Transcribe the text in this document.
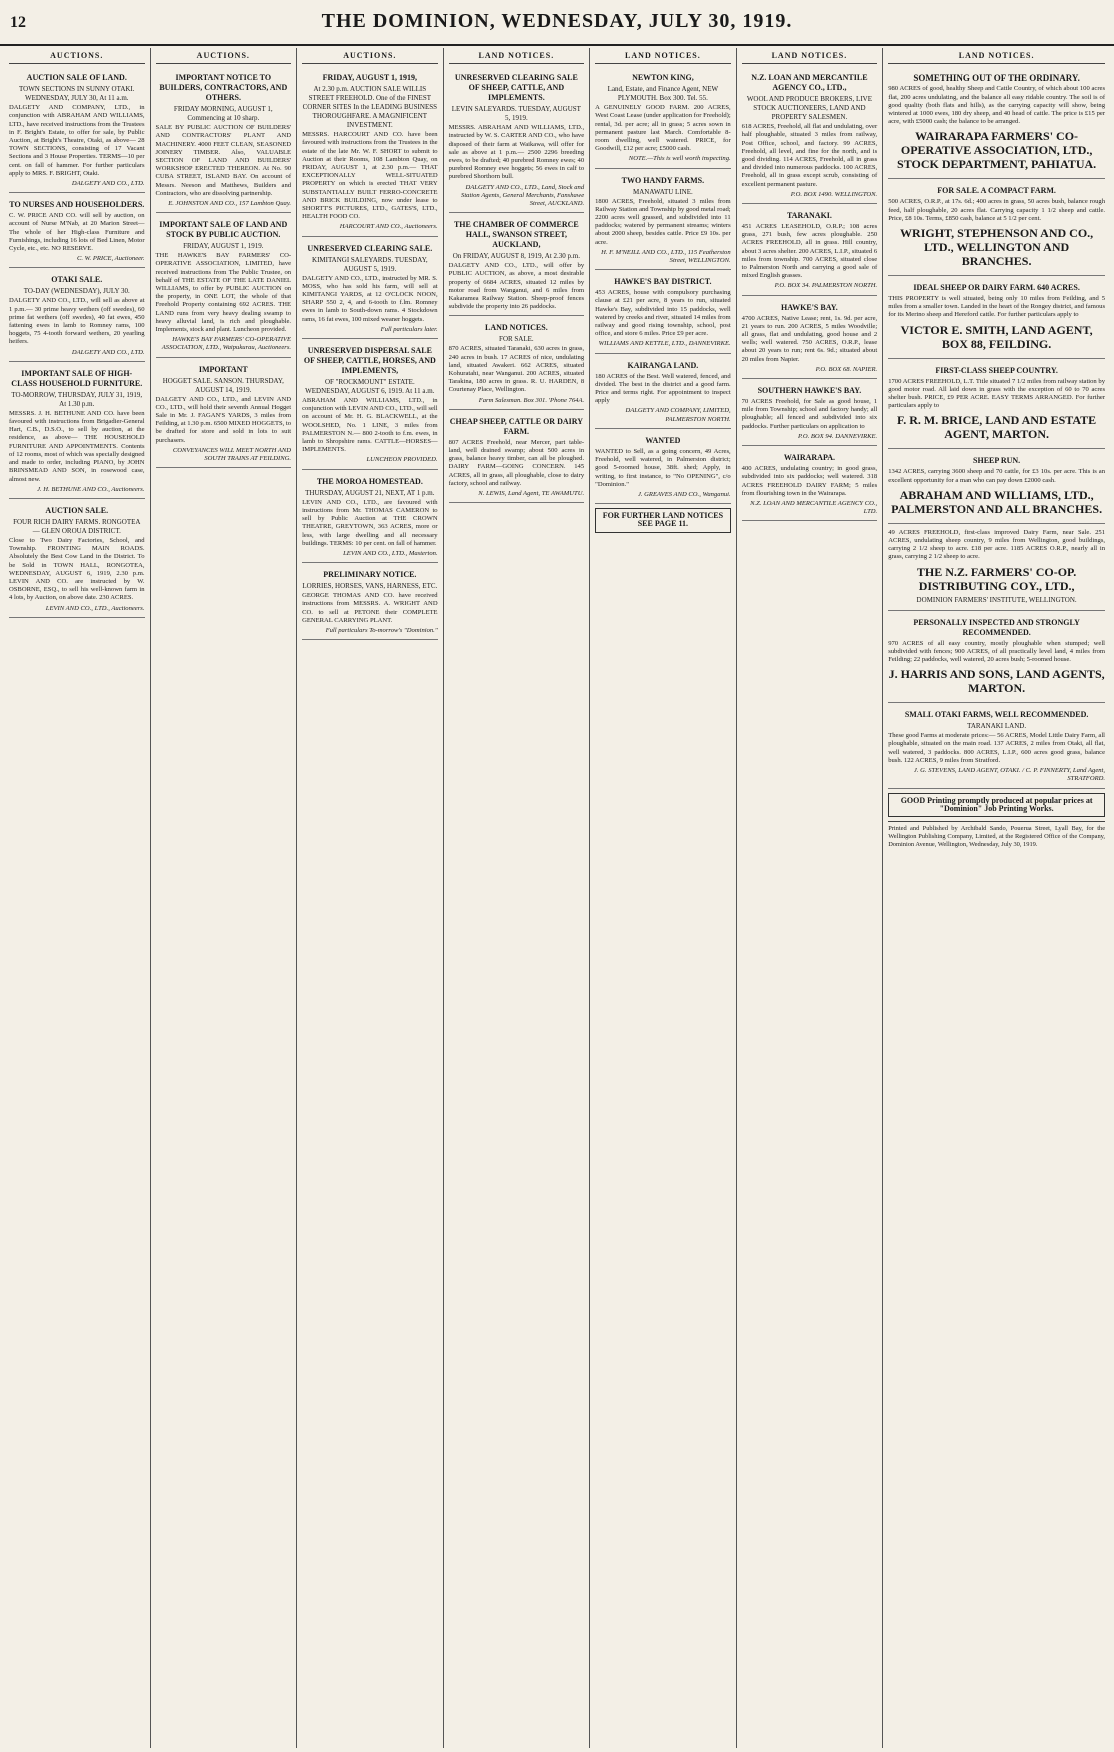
12	THE DOMINION, WEDNESDAY, JULY 30, 1919.
AUCTIONS.
AUCTION SALE OF LAND.
TOWN SECTIONS IN SUNNY OTAKI. WEDNESDAY, JULY 30, At 11 a.m.
DALGETY AND COMPANY, LTD., in conjunction with ABRAHAM AND WILLIAMS, LTD., have received instructions from the Trustees in F. Bright's Estate, to offer for sale, by Public Auction, at Bright's Theatre, Otaki, as above— 28 TOWN SECTIONS, consisting of 17 Vacant Sections and 3 House Properties. TERMS—10 per cent. on fall of hammer. For further particulars apply to MRS. F. BRIGHT, Otaki.
DALGETY AND CO., LTD.
TO NURSES AND HOUSEHOLDERS.
C. W. PRICE AND CO. will sell by auction, on account of Nurse M'Nab, at 20 Marion Street— The whole of her High-class Furniture and Furnishings, including 16 lots of Bed Linen, Motor Cycle, etc., etc. NO RESERVE.
C. W. PRICE, Auctioneer.
OTAKI SALE.
TO-DAY (WEDNESDAY), JULY 30.
DALGETY AND CO., LTD., will sell as above at 1 p.m.— 30 prime heavy wethers (off swedes), 60 prime fat wethers (off swedes), 40 fat ewes, 450 fattening ewes in lamb to Romney rams, 100 hoggets, 75 4-tooth forward wethers, 20 yearling heifers.
DALGETY AND CO., LTD.
IMPORTANT SALE OF HIGH-CLASS HOUSEHOLD FURNITURE.
TO-MORROW, THURSDAY, JULY 31, 1919, At 1.30 p.m.
MESSRS. J. H. BETHUNE AND CO. have been favoured with instructions from Brigadier-General Hart, C.B., D.S.O., to sell by auction, at the residence, as above— THE HOUSEHOLD FURNITURE AND APPOINTMENTS. Contents of 12 rooms, most of which was specially designed and made to order, including PIANO, by JOHN BRINSMEAD AND SON, in rosewood case, almost new.
J. H. BETHUNE AND CO., Auctioneers.
AUCTION SALE.
FOUR RICH DAIRY FARMS. RONGOTEA — GLEN OROUA DISTRICT.
Close to Two Dairy Factories, School, and Township. FRONTING MAIN ROADS. Absolutely the Best Cow Land in the District. To be Sold in TOWN HALL, RONGOTEA, WEDNESDAY, AUGUST 6, 1919, 2.30 p.m. LEVIN AND CO. are instructed by W. OSBORNE, ESQ., to sell his well-known farm in 4 lots, by Auction, on above date. 230 ACRES.
LEVIN AND CO., LTD., Auctioneers.
AUCTIONS.
IMPORTANT NOTICE TO BUILDERS, CONTRACTORS, AND OTHERS.
FRIDAY MORNING, AUGUST 1, Commencing at 10 sharp.
SALE BY PUBLIC AUCTION OF BUILDERS' AND CONTRACTORS' PLANT AND MACHINERY. 4000 FEET CLEAN, SEASONED JOINERY TIMBER. Also, VALUABLE SECTION OF LAND AND BUILDERS' WORKSHOP ERECTED THEREON. At No. 90 CUBA STREET, ISLAND BAY. On account of Messrs. Neeson and Matthews, Builders and Contractors, who are dissolving partnership.
E. JOHNSTON AND CO., 157 Lambton Quay.
IMPORTANT SALE OF LAND AND STOCK BY PUBLIC AUCTION.
FRIDAY, AUGUST 1, 1919.
THE HAWKE'S BAY FARMERS' CO-OPERATIVE ASSOCIATION, LIMITED, have received instructions from The Public Trustee, on behalf of THE ESTATE OF THE LATE DANIEL WILLIAMS, to offer by PUBLIC AUCTION on the property, in ONE LOT, the whole of that Freehold Property containing 692 ACRES. THE LAND runs from very heavy dealing swamp to heavy alluvial land, is rich and ploughable. Implements, stock and plant. Luncheon provided.
HAWKE'S BAY FARMERS' CO-OPERATIVE ASSOCIATION, LTD., Waipukurau, Auctioneers.
IMPORTANT
HOGGET SALE. SANSON. THURSDAY, AUGUST 14, 1919.
DALGETY AND CO., LTD., and LEVIN AND CO., LTD., will hold their seventh Annual Hogget Sale in Mr. J. FAGAN'S YARDS, 3 miles from Feilding, at 1.30 p.m. 6500 MIXED HOGGETS, to be drafted for store and sold in lots to suit purchasers.
CONVEYANCES WILL MEET NORTH AND SOUTH TRAINS AT FEILDING.
AUCTIONS.
FRIDAY, AUGUST 1, 1919,
At 2.30 p.m. AUCTION SALE WILLIS STREET FREEHOLD. One of the FINEST CORNER SITES In the LEADING BUSINESS THOROUGHFARE. A MAGNIFICENT INVESTMENT.
MESSRS. HARCOURT AND CO. have been favoured with instructions from the Trustees in the estate of the late Mr. W. F. SHORT to submit to Auction at their Rooms, 108 Lambton Quay, on FRIDAY, AUGUST 1, at 2.30 p.m.— THAT EXCEPTIONALLY WELL-SITUATED PROPERTY on which is erected THAT VERY SUBSTANTIALLY BUILT FERRO-CONCRETE AND BRICK BUILDING, now under lease to SHORTT'S PICTURES, LTD., GATES'S, LTD., HEALTH FOOD CO.
HARCOURT AND CO., Auctioneers.
UNRESERVED CLEARING SALE.
KIMITANGI SALEYARDS. TUESDAY, AUGUST 5, 1919.
DALGETY AND CO., LTD., instructed by MR. S. MOSS, who has sold his farm, will sell at KIMITANGI YARDS, at 12 O'CLOCK NOON, SHARP 550 2, 4, and 6-tooth to f.lm. Romney ewes in lamb to South-down rams. 4 Stockdown rams, 16 fat ewes, 100 mixed weaner hoggets.
Full particulars later.
UNRESERVED DISPERSAL SALE OF SHEEP, CATTLE, HORSES, AND IMPLEMENTS,
OF "ROCKMOUNT" ESTATE. WEDNESDAY, AUGUST 6, 1919. At 11 a.m.
ABRAHAM AND WILLIAMS, LTD., in conjunction with LEVIN AND CO., LTD., will sell on account of Mr. H. G. BLACKWELL, at the WOOLSHED, No. 1 LINE, 3 miles from PALMERSTON N.— 800 2-tooth to f.m. ewes, in lamb to Shropshire rams. CATTLE—HORSES—IMPLEMENTS.
LUNCHEON PROVIDED.
THE MOROA HOMESTEAD.
THURSDAY, AUGUST 21, NEXT, AT 1 p.m.
LEVIN AND CO., LTD., are favoured with instructions from Mr. THOMAS CAMERON to sell by Public Auction at THE CROWN THEATRE, GREYTOWN, 363 ACRES, more or less, with large dwelling and all necessary buildings. TERMS: 10 per cent. on fall of hammer.
LEVIN AND CO., LTD., Masterton.
PRELIMINARY NOTICE.
LORRIES, HORSES, VANS, HARNESS, ETC.
GEORGE THOMAS AND CO. have received instructions from MESSRS. A. WRIGHT AND CO. to sell at PETONE their COMPLETE GENERAL CARRYING PLANT.
Full particulars To-morrow's "Dominion."
LAND NOTICES.
UNRESERVED CLEARING SALE OF SHEEP, CATTLE, AND IMPLEMENTS.
LEVIN SALEYARDS. TUESDAY, AUGUST 5, 1919.
MESSRS. ABRAHAM AND WILLIAMS, LTD., instructed by W. S. CARTER AND CO., who have disposed of their farm at Waikawa, will offer for sale as above at 1 p.m.— 2500 2296 breeding ewes, to be drafted; 40 purebred Romney ewes; 40 purebred Romney ewe hoggets; 56 ewes in calf to purebred Shorthorn bull.
DALGETY AND CO., LTD., Land, Stock and Station Agents, General Merchants, Fanshawe Street, AUCKLAND.
THE CHAMBER OF COMMERCE HALL, SWANSON STREET, AUCKLAND,
On FRIDAY, AUGUST 8, 1919, At 2.30 p.m.
DALGETY AND CO., LTD., will offer by PUBLIC AUCTION, as above, a most desirable property of 6684 ACRES, situated 12 miles by motor road from Wanganui, and 6 miles from Kakaramea Railway Station. Sheep-proof fences subdivide the property into 26 paddocks.
LAND NOTICES.
FOR SALE.
870 ACRES, situated Taranaki, 630 acres in grass, 240 acres in bush. 17 ACRES of nice, undulating land, situated Awakeri. 662 ACRES, situated Kohuratahi, near Wanganui. 200 ACRES, situated Tarakina, 180 acres in grass. R. U. HARDEN, 8 Courtenay Place, Wellington.
Farm Salesman. Box 301. 'Phone 764A.
CHEAP SHEEP, CATTLE OR DAIRY FARM.
807 ACRES Freehold, near Mercer, part table-land, well drained swamp; about 500 acres in grass, balance heavy timber, can all be ploughed. DAIRY FARM—GOING CONCERN. 145 ACRES, all in grass, all ploughable, close to dairy factory, school and railway.
N. LEWIS, Land Agent, TE AWAMUTU.
LAND NOTICES.
NEWTON KING,
Land, Estate, and Finance Agent, NEW PLYMOUTH. Box 300. Tel. 55.
A GENUINELY GOOD FARM. 200 ACRES, West Coast Lease (under application for Freehold); rental, 3d. per acre; all in grass; 5 acres sown in permanent pasture last March. Comfortable 8-room dwelling, well watered. PRICE, for Goodwill, £12 per acre; £5000 cash.
NOTE.—This is well worth inspecting.
TWO HANDY FARMS.
MANAWATU LINE.
1800 ACRES, Freehold, situated 3 miles from Railway Station and Township by good metal road; 2200 acres well grassed, and subdivided into 11 paddocks; watered by permanent streams; winters about 2000 sheep, besides cattle. Price £9 10s. per acre.
H. F. M'NEILL AND CO., LTD., 115 Featherston Street, WELLINGTON.
HAWKE'S BAY DISTRICT.
453 ACRES, house with compulsory purchasing clause at £21 per acre, 8 years to run, situated Hawke's Bay, subdivided into 15 paddocks, well watered by creeks and river, situated 14 miles from railway and good rising township, school, post office, and store 6 miles. Price £9 per acre.
WILLIAMS AND KETTLE, LTD., DANNEVIRKE.
KAIRANGA LAND.
180 ACRES of the Best. Well watered, fenced, and divided. The best in the district and a good farm. Price and terms right. For appointment to inspect apply
DALGETY AND COMPANY, LIMITED, PALMERSTON NORTH.
WANTED
WANTED to Sell, as a going concern, 49 Acres, Freehold, well watered, in Palmerston district; good 5-roomed house, 38ft. shed; Apply, in writing, to first instance, to "No OPENING", c/o "Dominion."
J. GREAVES AND CO., Wanganui.
FOR FURTHER LAND NOTICES SEE PAGE 11.
LAND NOTICES.
N.Z. LOAN AND MERCANTILE AGENCY CO., LTD.,
WOOL AND PRODUCE BROKERS, LIVE STOCK AUCTIONEERS, LAND AND PROPERTY SALESMEN.
618 ACRES, Freehold, all flat and undulating, over half ploughable, situated 3 miles from railway, Post Office, school, and factory. 99 ACRES, Freehold, all level, and fine for the north, and is good dividing. 114 ACRES, Freehold, all in grass and divided into numerous paddocks. 100 ACRES, Freehold, all in grass except scrub, consisting of excellent permanent pasture.
P.O. BOX 1490. WELLINGTON.
TARANAKI.
451 ACRES LEASEHOLD, O.R.P.; 108 acres grass, 271 bush, few acres ploughable. 250 ACRES FREEHOLD, all in grass. Hill country, about 3 acres shelter. 200 ACRES, L.I.P., situated 6 miles from township. 700 ACRES, situated close to Palmerston North and carrying a good sale of mixed English grasses.
P.O. BOX 34. PALMERSTON NORTH.
HAWKE'S BAY.
4700 ACRES, Native Lease; rent, 1s. 9d. per acre, 21 years to run. 200 ACRES, 5 miles Woodville; all grass, flat and undulating, good house and 2 wells; well watered. 750 ACRES, O.R.P., lease about 20 years to run; rent 6s. 9d.; situated about 20 miles from Napier.
P.O. BOX 68. NAPIER.
SOUTHERN HAWKE'S BAY.
70 ACRES Freehold, for Sale as good house, 1 mile from Township; school and factory handy; all ploughable; all fenced and subdivided into six paddocks. Further particulars on application to
P.O. BOX 94. DANNEVIRKE.
WAIRARAPA.
400 ACRES, undulating country; in good grass, subdivided into six paddocks; well watered. 318 ACRES FREEHOLD DAIRY FARM; 5 miles from flourishing town in the Wairarapa.
N.Z. LOAN AND MERCANTILE AGENCY CO., LTD.
LAND NOTICES.
SOMETHING OUT OF THE ORDINARY.
980 ACRES of good, healthy Sheep and Cattle Country, of which about 100 acres flat, 200 acres undulating, and the balance all easy ridable country. The soil is of good quality (both flats and hills), as the carrying capacity will show, being wintered at 1000 ewes, 180 dry sheep, and 40 head of cattle. The price is £15 per acre, with £5000 cash; the balance to be arranged.
WAIRARAPA FARMERS' CO-OPERATIVE ASSOCIATION, LTD., STOCK DEPARTMENT, PAHIATUA.
FOR SALE. A COMPACT FARM.
500 ACRES, O.R.P., at 17s. 6d.; 400 acres in grass, 50 acres bush, balance rough feed, half ploughable, 20 acres flat. Carrying capacity 1 1/2 sheep and cattle. Price, £8 10s. Terms, £850 cash, balance at 5 1/2 per cent.
WRIGHT, STEPHENSON AND CO., LTD., WELLINGTON AND BRANCHES.
IDEAL SHEEP OR DAIRY FARM. 640 ACRES.
THIS PROPERTY is well situated, being only 10 miles from Feilding, and 5 miles from a smaller town. Landed in the heart of the Rongey district, and famous for its Merino sheep and Hereford cattle. For further particulars apply to
VICTOR E. SMITH, LAND AGENT, BOX 88, FEILDING.
FIRST-CLASS SHEEP COUNTRY.
1700 ACRES FREEHOLD, L.T. Title situated 7 1/2 miles from railway station by good motor road. All laid down in grass with the exception of 60 to 70 acres shelter bush. PRICE, £9 PER ACRE. EASY TERMS ARRANGED. For further particulars apply to
F. R. M. BRICE, LAND AND ESTATE AGENT, MARTON.
SHEEP RUN.
1342 ACRES, carrying 3600 sheep and 70 cattle, for £3 10s. per acre. This is an excellent opportunity for a man who can pay down £2000 cash.
ABRAHAM AND WILLIAMS, LTD., PALMERSTON AND ALL BRANCHES.
49 ACRES FREEHOLD, first-class improved Dairy Farm, near Sale. 251 ACRES, undulating sheep country, 9 miles from Wellington, good buildings, carrying 2 1/2 sheep to acre. £18 per acre. 1185 ACRES O.R.P., nearly all in grass, carrying 2 1/2 sheep to acre.
THE N.Z. FARMERS' CO-OP. DISTRIBUTING COY., LTD.,
DOMINION FARMERS' INSTITUTE, WELLINGTON.
PERSONALLY INSPECTED AND STRONGLY RECOMMENDED.
970 ACRES of all easy country, mostly ploughable when stumped; well subdivided with fences; 900 ACRES, of all practically level land, 4 miles from Feilding; 22 paddocks, well watered, 20 acres bush; 5-roomed house.
J. HARRIS AND SONS, LAND AGENTS, MARTON.
SMALL OTAKI FARMS, WELL RECOMMENDED.
TARANAKI LAND.
These good Farms at moderate prices:— 56 ACRES, Model Little Dairy Farm, all ploughable, situated on the main road. 137 ACRES, 2 miles from Otaki, all flat, well watered, 3 paddocks. 800 ACRES, L.I.P., 600 acres good grass, balance bush. 122 ACRES, 9 miles from Stratford.
J. G. STEVENS, LAND AGENT, OTAKI. / C. P. FINNERTY, Land Agent, STRATFORD.
GOOD Printing promptly produced at popular prices at "Dominion" Job Printing Works.
Printed and Published by Archibald Sando, Pouerua Street, Lyall Bay, for the Wellington Publishing Company, Limited, at the Registered Office of the Company, Dominion Avenue, Wellington, Wednesday, July 30, 1919.
